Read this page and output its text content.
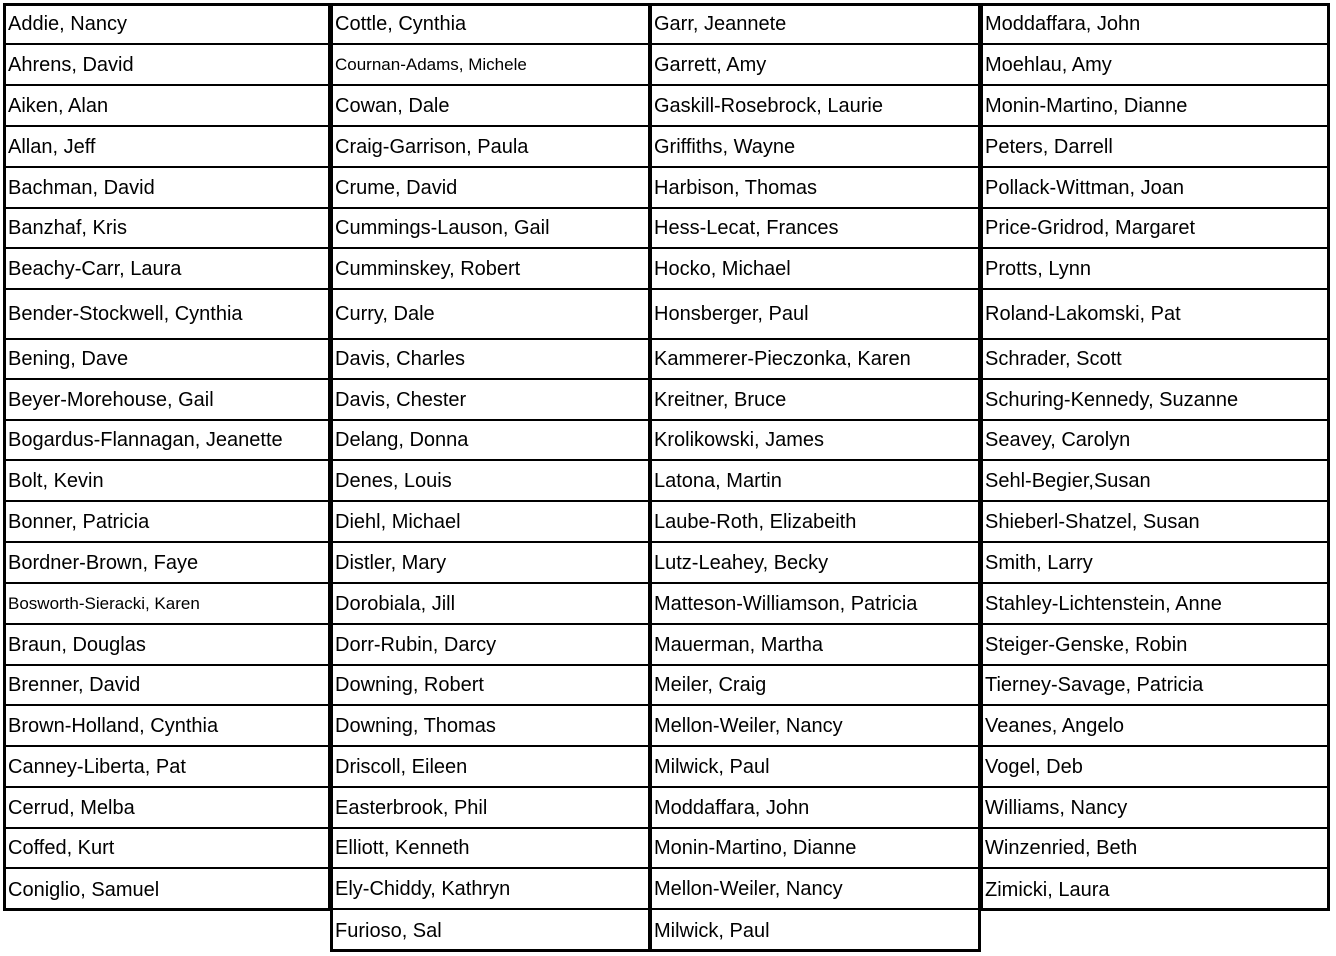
Addie, Nancy
Ahrens, David
Aiken, Alan
Allan, Jeff
Bachman, David
Banzhaf, Kris
Beachy-Carr, Laura
Bender-Stockwell, Cynthia
Bening, Dave
Beyer-Morehouse, Gail
Bogardus-Flannagan, Jeanette
Bolt, Kevin
Bonner, Patricia
Bordner-Brown, Faye
Bosworth-Sieracki, Karen
Braun, Douglas
Brenner, David
Brown-Holland, Cynthia
Canney-Liberta, Pat
Cerrud, Melba
Coffed, Kurt
Coniglio, Samuel
Cottle, Cynthia
Cournan-Adams, Michele
Cowan, Dale
Craig-Garrison, Paula
Crume, David
Cummings-Lauson, Gail
Cumminskey, Robert
Curry, Dale
Davis, Charles
Davis, Chester
Delang, Donna
Denes, Louis
Diehl, Michael
Distler, Mary
Dorobiala, Jill
Dorr-Rubin, Darcy
Downing, Robert
Downing, Thomas
Driscoll, Eileen
Easterbrook, Phil
Elliott, Kenneth
Ely-Chiddy, Kathryn
Furioso, Sal
Garr, Jeannete
Garrett, Amy
Gaskill-Rosebrock, Laurie
Griffiths, Wayne
Harbison, Thomas
Hess-Lecat, Frances
Hocko, Michael
Honsberger, Paul
Kammerer-Pieczonka, Karen
Kreitner, Bruce
Krolikowski, James
Latona, Martin
Laube-Roth, Elizabeith
Lutz-Leahey, Becky
Matteson-Williamson, Patricia
Mauerman, Martha
Meiler, Craig
Mellon-Weiler, Nancy
Milwick, Paul
Moddaffara, John
Monin-Martino, Dianne
Mellon-Weiler, Nancy
Milwick, Paul
Moddaffara, John
Moehlau, Amy
Monin-Martino, Dianne
Peters, Darrell
Pollack-Wittman, Joan
Price-Gridrod, Margaret
Protts, Lynn
Roland-Lakomski, Pat
Schrader, Scott
Schuring-Kennedy, Suzanne
Seavey, Carolyn
Sehl-Begier,Susan
Shieberl-Shatzel, Susan
Smith, Larry
Stahley-Lichtenstein, Anne
Steiger-Genske, Robin
Tierney-Savage, Patricia
Veanes, Angelo
Vogel, Deb
Williams, Nancy
Winzenried, Beth
Zimicki, Laura
